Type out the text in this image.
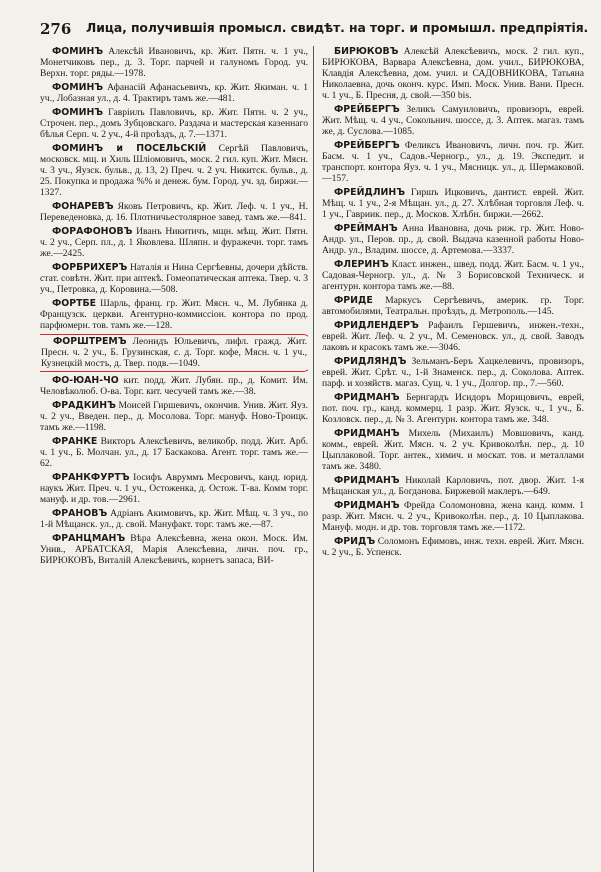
276 Лица, получившія промысл. свидѣт. на торг. и промышл. предпріятія.

ФОМИНЪ Алексѣй Ивановичъ, кр. Жит. Пятн. ч. 1 уч., Монетчиковъ пер., д. 3. Торг. парчей и галуномъ Город. уч. Верхн. торг. ряды.—1978.

ФОМИНЪ Афанасій Афанасьевичъ, кр. Жит. Якиман. ч. 1 уч., Лобазная ул., д. 4. Трактиръ тамъ же.—481.

ФОМИНЪ Гавріилъ Павловичъ, кр. Жит. Пятн. ч. 2 уч., Строчен. пер., домъ Зубцовскаго. Раздача и мастерская казеннаго бѣлья Серп. ч. 2 уч., 4-й проѣздъ, д. 7.—1371.

ФОМИНЪ и ПОСЕЛЬСКІЙ Сергѣй Павловичъ, московск. мщ. и Хиль Шліомовичъ, моск. 2 гил. куп. Жит. Мясн. ч. 3 уч., Яузск. бульв., д. 13, 2) Преч. ч. 2 уч. Никитск. бульв., д. 25. Покупка и продажа %% и денеж. бум. Город. уч. зд. биржи.—1327.

ФОНАРЕВЪ Яковъ Петровичъ, кр. Жит. Леф. ч. 1 уч., Н. Переведеновка, д. 16. Плотничьестолярное завед. тамъ же.—841.

ФОРАФОНОВЪ Иванъ Никитичъ, мщн. мѣщ. Жит. Пятн. ч. 2 уч., Серп. пл., д. 1 Яковлева. Шляпн. и фуражечн. торг. тамъ же.—2425.

ФОРБРИХЕРЪ Наталія и Нина Сергѣевны, дочери дѣйств. стат. совѣтн. Жит. при аптекѣ. Гомеопатическая аптека. Твер. ч. 3 уч., Петровка, д. Коровина.—508.

ФОРТБЕ Шарль, франц. гр. Жит. Мясн. ч., М. Лубянка д. Французск. церкви. Агентурно-коммиссіон. контора по прод. парфюмерн. тов. тамъ же.—128.

ФОРШТРЕМЪ Леонидъ Юльевичъ, лифл. гражд. Жит. Пресн. ч. 2 уч., Б. Грузинская, с. д. Торг. кофе, Мясн. ч. 1 уч., Кузнецкій мостъ, д. Твер. подв.—1049.

ФО-ЮАН-ЧО кит. подд. Жит. Лубян. пр., д. Комит. Им. Человѣколюб. О-ва. Торг. кит. чесучей тамъ же.—38.

ФРАДКИНЪ Моисей Гиршевичъ, окончив. Унив. Жит. Яуз. ч. 2 уч., Введен. пер., д. Мосолова. Торг. мануф. Ново-Троицк. тамъ же.—1198.

ФРАНКЕ Викторъ Алексѣевичъ, великобр. подд. Жит. Арб. ч. 1 уч., Б. Молчан. ул., д. 17 Баскакова. Агент. торг. тамъ же.—62.

ФРАНКФУРТЪ Іосифъ Авруммъ Меєровичъ, канд. юрид. наукъ Жит. Преч. ч. 1 уч., Остоженка, д. Остож. Т-ва. Комм торг. мануф. и др. тов.—2961.

ФРАНОВЪ Адріанъ Акимовичъ, кр. Жит. Мѣщ. ч. 3 уч., по 1-й Мѣщанск. ул., д. свой. Мануфакт. торг. тамъ же.—87.

ФРАНЦМАНЪ Вѣра Алексѣевна, жена окон. Моск. Им. Унив., АРБАТСКАЯ, Марія Алексѣевна, личн. поч. гр., БИРЮКОВЪ, Виталій Алексѣевичъ, корнетъ запаса, ВИ-

БИРЮКОВЪ Алексѣй Алексѣевичъ, моск. 2 гил. куп., БИРЮКОВА, Варвара Алексѣевна, дом. учил., БИРЮКОВА, Клавдія Алексѣевна, дом. учил. и САДОВНИКОВА, Татьяна Николаевна, дочь оконч. курс. Имп. Моск. Унив. Вани. Пресн. ч. 1 уч., Б. Пресня, д. свой.—350 bis.

ФРЕЙБЕРГЪ Зеликъ Самуиловичъ, провизоръ, еврей. Жит. Мѣщ. ч. 4 уч., Сокольнич. шоссе, д. 3. Аптек. магаз. тамъ же, д. Суслова.—1085.

ФРЕЙБЕРГЪ Феликсъ Ивановичъ, личн. поч. гр. Жит. Басм. ч. 1 уч., Садов.-Черногр., ул., д. 19. Экспедит. и транспорт. контора Яуз. ч. 1 уч., Мясницк. ул., д. Шермаковой.—157.

ФРЕЙДЛИНЪ Гиршъ Ицковичъ, дантист. еврей. Жит. Мѣщ. ч. 1 уч., 2-я Мѣщан. ул., д. 27. Хлѣбная торговля Леф. ч. 1 уч., Гавриик. пер., д. Москов. Хлѣбн. биржи.—2662.

ФРЕЙМАНЪ Анна Ивановна, дочь риж. гр. Жит. Ново-Андр. ул., Перов. пр., д. свой. Выдача казенной работы Ново-Андр. ул., Владим. шоссе, д. Артемова.—3337.

ФЛЕРИНЪ Класт. инжен., швед. подд. Жит. Басм. ч. 1 уч., Садовая-Черногр. ул., д. № 3 Борисовской Техническ. и агентурн. контора тамъ же.—88.

ФРИДЕ Маркусъ Сергѣевичъ, америк. гр. Торг. автомобилями, Театральн. проѣздъ, д. Метрополь.—145.

ФРИДЛЕНДЕРЪ Рафаилъ Гершевичъ, инжен.-техн., еврей. Жит. Леф. ч. 2 уч., М. Семеновск. ул., д. свой. Заводъ лаковъ и красокъ тамъ же.—3046.

ФРИДЛЯНДЪ Зельманъ-Беръ Хацкелевичъ, провизоръ, еврей. Жит. Срѣт. ч., 1-й Знаменск. пер., д. Соколова. Аптек. парф. и хозяйств. магаз. Сущ. ч. 1 уч., Долгор. пр., 7.—560.

ФРИДМАНЪ Бернгардъ Исидоръ Морицовичъ, еврей, пот. поч. гр., канд. коммерц. 1 разр. Жит. Яузск. ч., 1 уч., Б. Козловск. пер., д. № 3. Агентурн. контора тамъ же. 348.

ФРИДМАНЪ Михель (Михаилъ) Мовшовичъ, канд. комм., еврей. Жит. Мясн. ч. 2 уч. Кривоколѣн. пер., д. 10 Цыплаковой. Торг. антек., химич. и москат. тов. и металлами тамъ же. 3480.

ФРИДМАНЪ Николай Карловичъ, пот. двор. Жит. 1-я Мѣщанская ул., д. Богданова. Биржевой маклеръ.—649.

ФРИДМАНЪ Фрейда Соломоновна, жена канд. комм. 1 разр. Жит. Мясн. ч. 2 уч., Кривоколѣн. пер., д. 10 Цыплакова. Мануф. модн. и др. тов. торговля тамъ же.—1172.

ФРИДЪ Соломонъ Ефимовъ, инж. техн. еврей. Жит. Мясн. ч. 2 уч., Б. Успенск.
